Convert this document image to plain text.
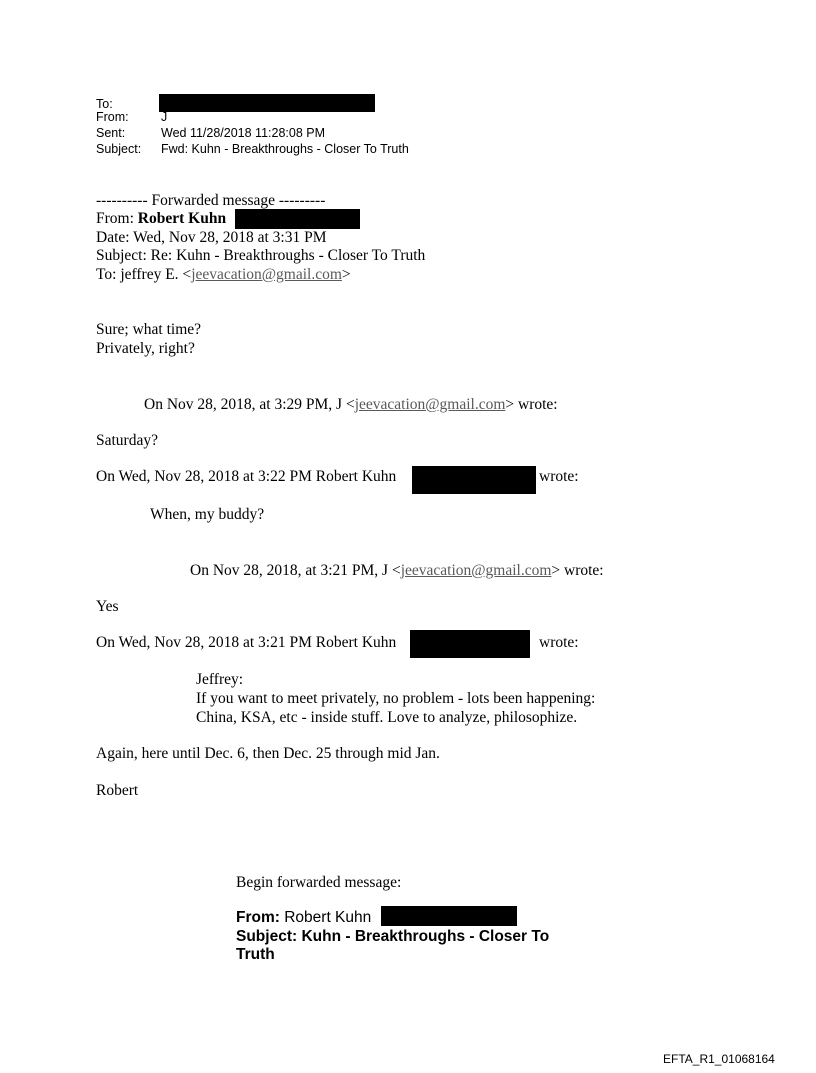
To:
From:	J
Sent:	Wed 11/28/2018 11:28:08 PM
Subject: Fwd: Kuhn - Breakthroughs - Closer To Truth
---------- Forwarded message ---------
From: Robert Kuhn
Date: Wed, Nov 28, 2018 at 3:31 PM
Subject: Re: Kuhn - Breakthroughs - Closer To Truth
To: jeffrey E. <jeevacation@gmail.com>
Sure; what time?
Privately, right?
On Nov 28, 2018, at 3:29 PM, J <jeevacation@gmail.com> wrote:
Saturday?
On Wed, Nov 28, 2018 at 3:22 PM Robert Kuhn	wrote:
When, my buddy?
On Nov 28, 2018, at 3:21 PM, J <jeevacation@gmail.com> wrote:
Yes
On Wed, Nov 28, 2018 at 3:21 PM Robert Kuhn	wrote:
Jeffrey:
If you want to meet privately, no problem - lots been happening:
China, KSA, etc - inside stuff. Love to analyze, philosophize.
Again, here until Dec. 6, then Dec. 25 through mid Jan.
Robert
Begin forwarded message:
From: Robert Kuhn
Subject: Kuhn - Breakthroughs - Closer To
Truth
EFTA_R1_01068164
